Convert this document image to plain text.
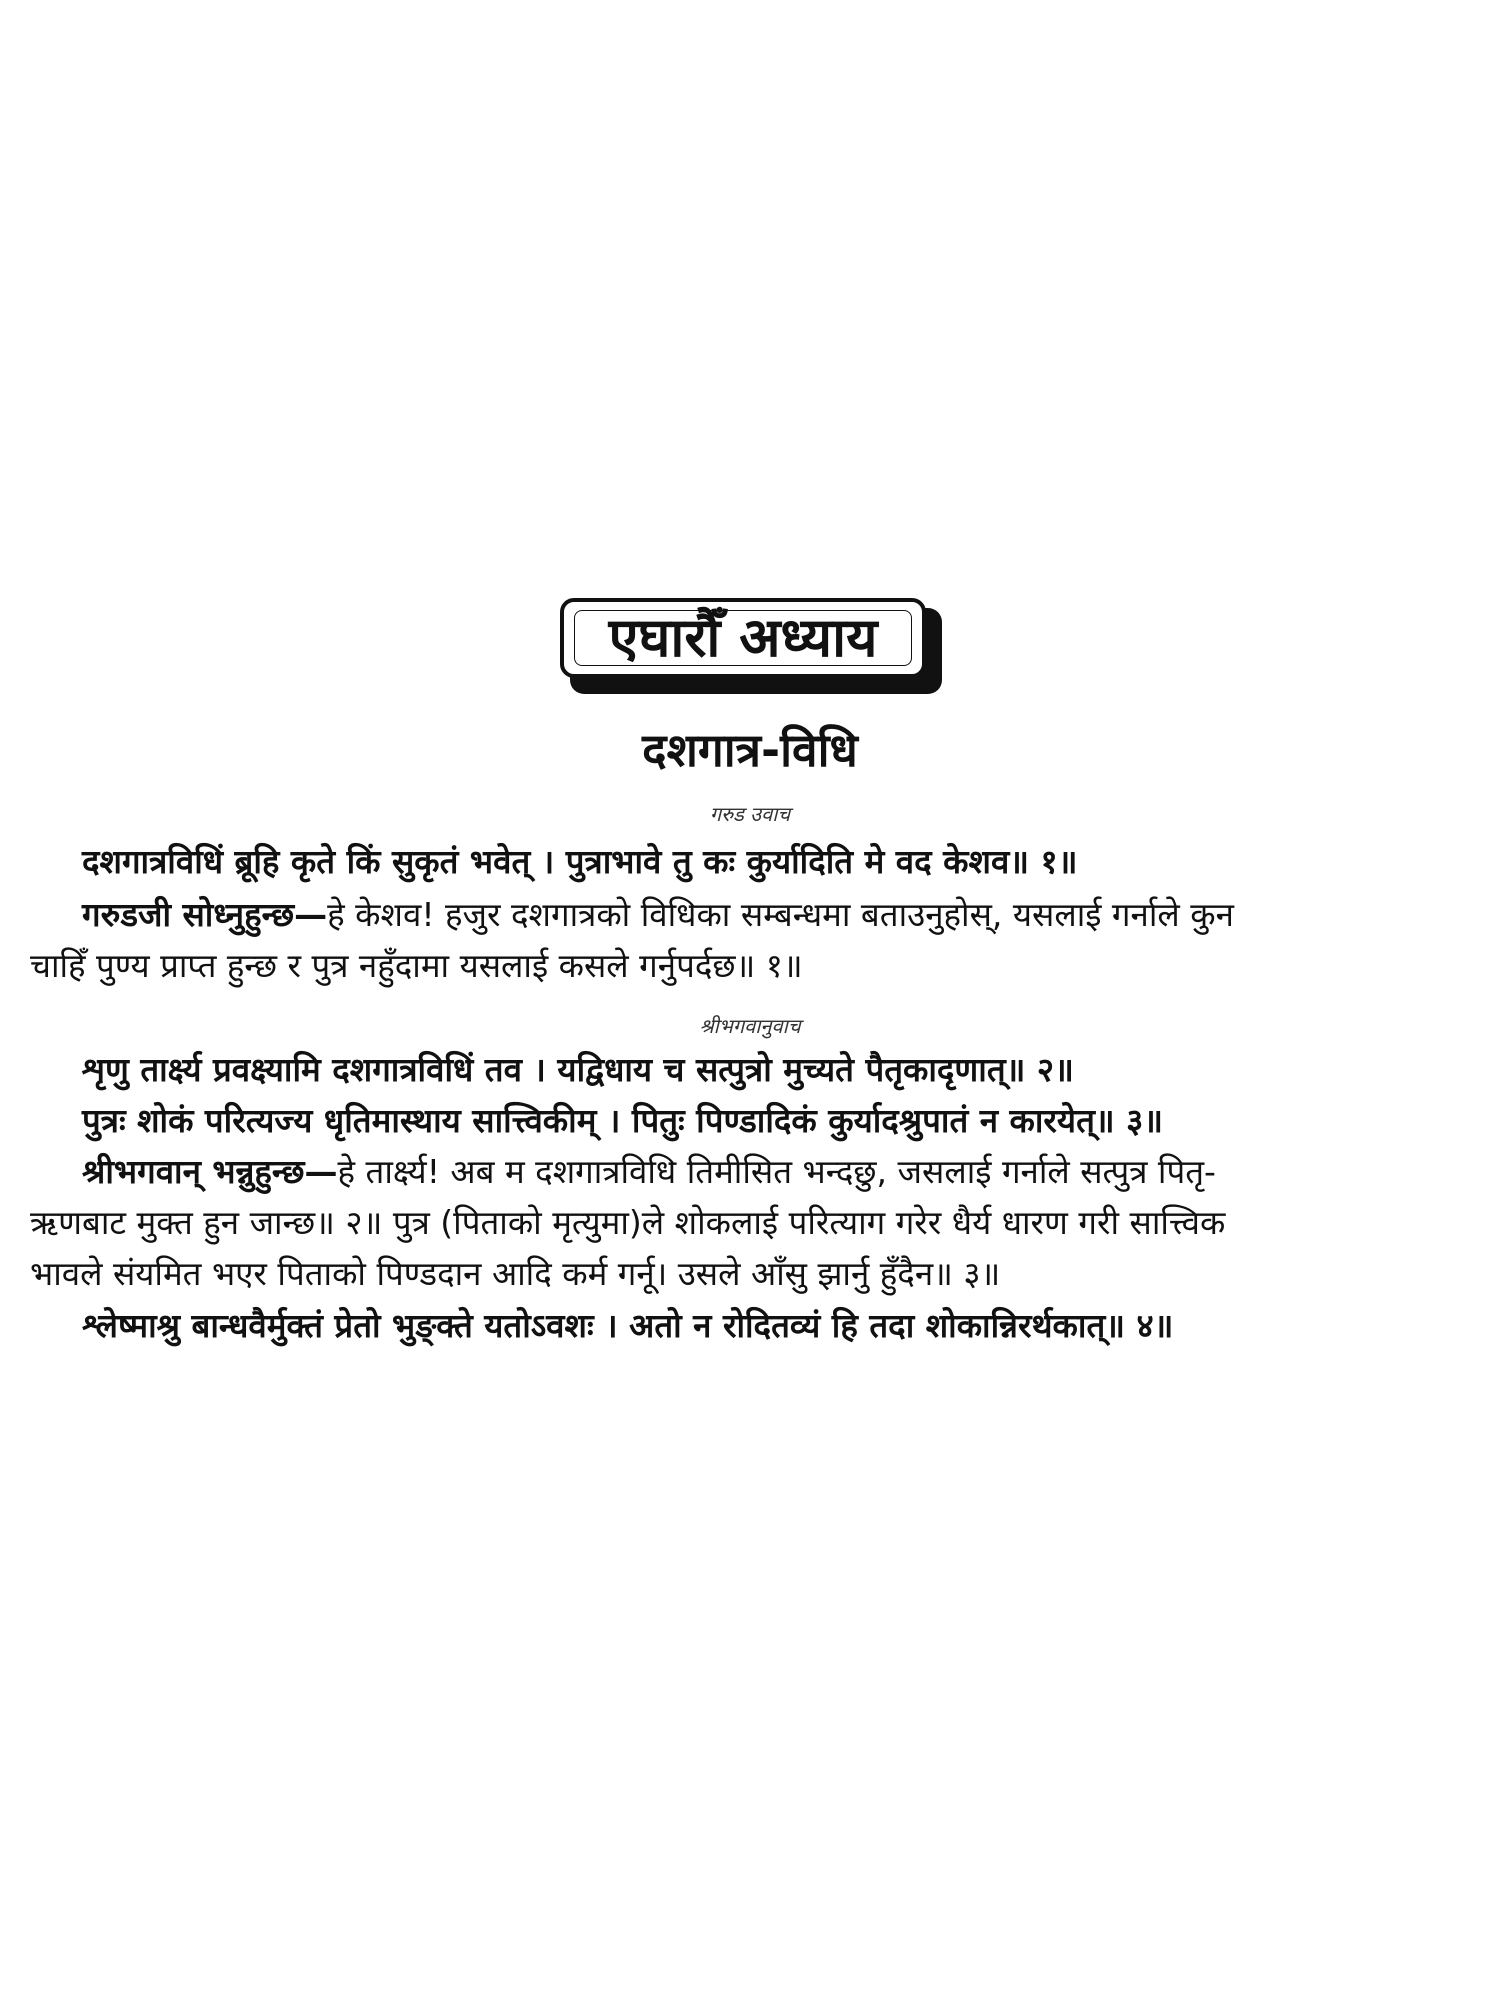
एघारौँ अध्याय
दशगात्र-विधि
गरुड उवाच
दशगात्रविधिं ब्रूहि कृते किं सुकृतं भवेत् । पुत्राभावे तु कः कुर्यादिति मे वद केशव॥ १॥
गरुडजी सोध्नुहुन्छ—हे केशव! हजुर दशगात्रको विधिका सम्बन्धमा बताउनुहोस्, यसलाई गर्नाले कुन
चाहिँ पुण्य प्राप्त हुन्छ र पुत्र नहुँदामा यसलाई कसले गर्नुपर्दछ॥ १॥
श्रीभगवानुवाच
शृणु तार्क्ष्य प्रवक्ष्यामि दशगात्रविधिं तव । यद्विधाय च सत्पुत्रो मुच्यते पैतृकादृणात्॥ २॥
पुत्रः शोकं परित्यज्य धृतिमास्थाय सात्त्विकीम् । पितुः पिण्डादिकं कुर्यादश्रुपातं न कारयेत्॥ ३॥
श्रीभगवान् भन्नुहुन्छ—हे तार्क्ष्य! अब म दशगात्रविधि तिमीसित भन्दछु, जसलाई गर्नाले सत्पुत्र पितृ-
ऋणबाट मुक्त हुन जान्छ॥ २॥ पुत्र (पिताको मृत्युमा)ले शोकलाई परित्याग गरेर धैर्य धारण गरी सात्त्विक
भावले संयमित भएर पिताको पिण्डदान आदि कर्म गर्नू। उसले आँसु झार्नु हुँदैन॥ ३॥
श्लेष्माश्रु बान्धवैर्मुक्तं प्रेतो भुङ्क्ते यतोऽवशः । अतो न रोदितव्यं हि तदा शोकान्निरर्थकात्॥ ४॥
